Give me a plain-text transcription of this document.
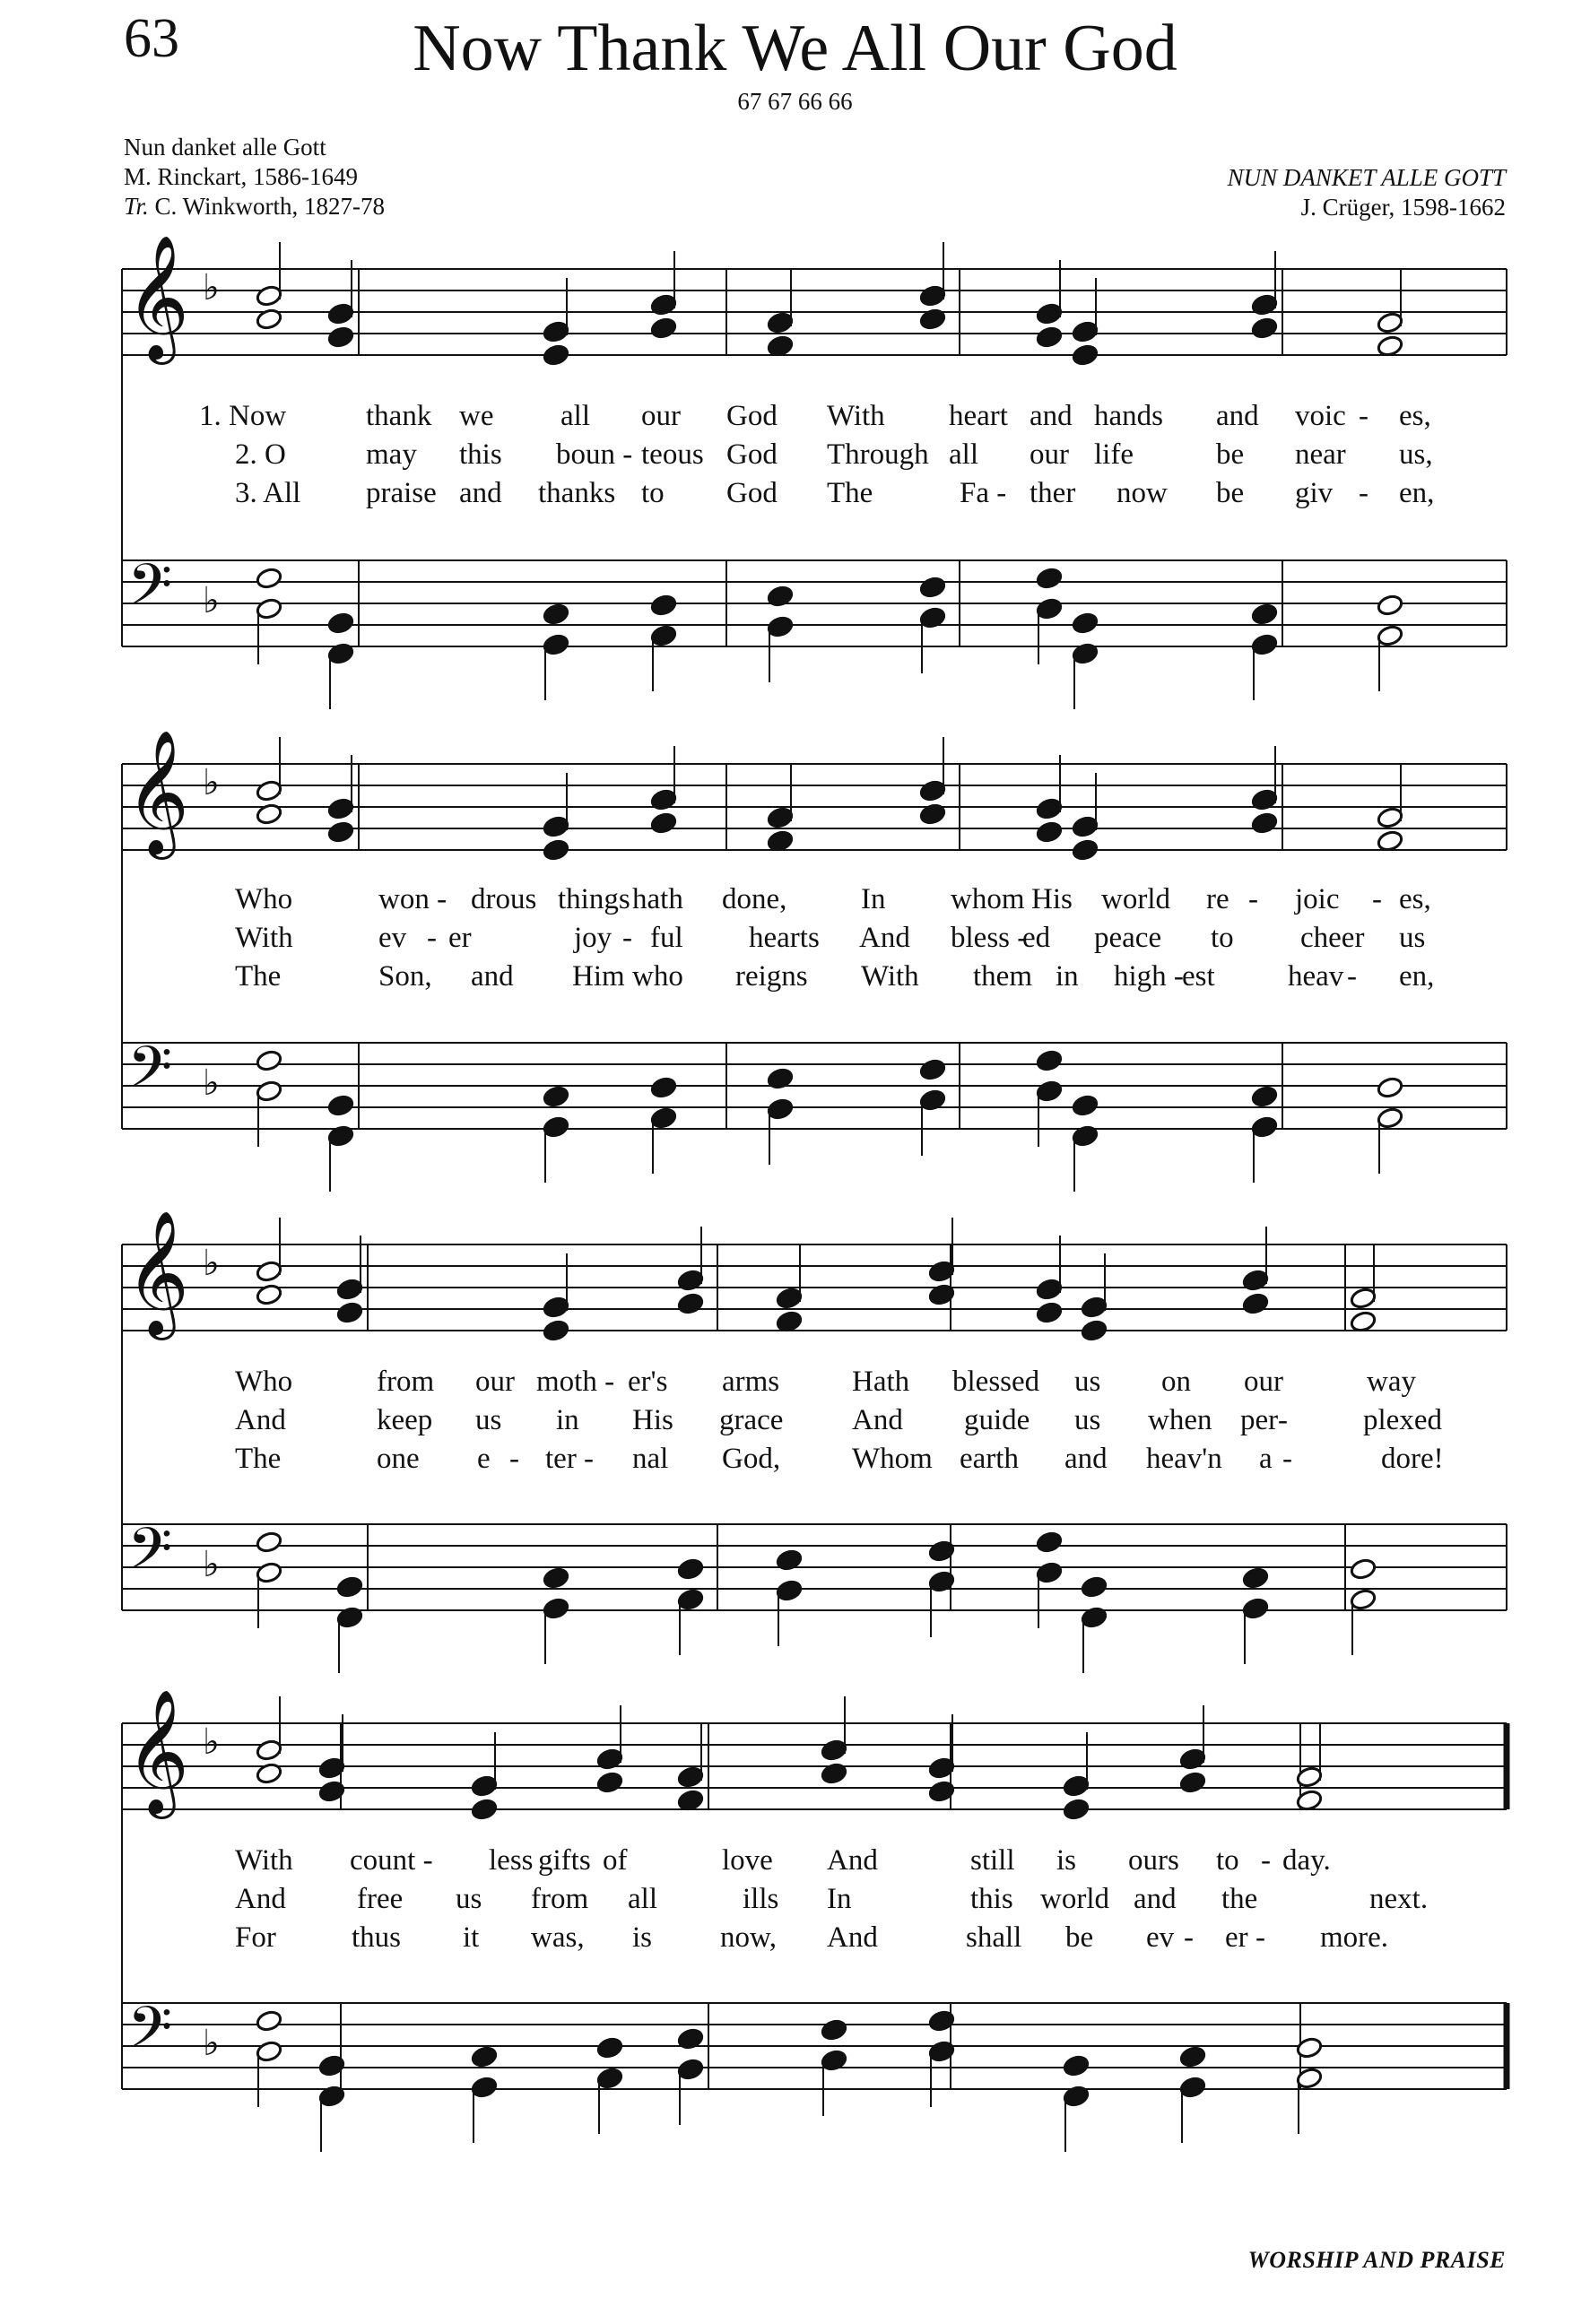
63	Now Thank We All Our God
67 67 66 66
Nun danket alle Gott
M. Rinckart, 1586-1649
Tr. C. Winkworth, 1827-78
NUN DANKET ALLE GOTT
J. Crüger, 1598-1662
𝄞
𝄢
♭
♭
𝄞
𝄢
♭
♭
𝄞
𝄢
♭
♭
𝄞
𝄢
♭
♭
1. Now	thank we all our God With heart and hands and voic - es,
2. O	may this boun - teous God Through all our life	be near us,
3. All praise and thanks to God The	Fa - ther now be giv - en,
Who	won - drous things hath done,	In whom His world re - joic - es,
With	ev - er	joy - ful hearts And bless -
ed peace to cheer us
The	Son, and Him who reigns With them in high -
est heav - en,
Who	from our moth - er's arms Hath blessed us on our	way
And	keep us in His grace And guide us when per -	plexed
The	one e - ter - nal God, Whom earth and heav'n a -	dore!
With count - less gifts of	love And	still is ours to - day.
And free us from all	ills In	this world and the	next.
For	thus it was, is now, And	shall be ev - er - more.
WORSHIP AND PRAISE
